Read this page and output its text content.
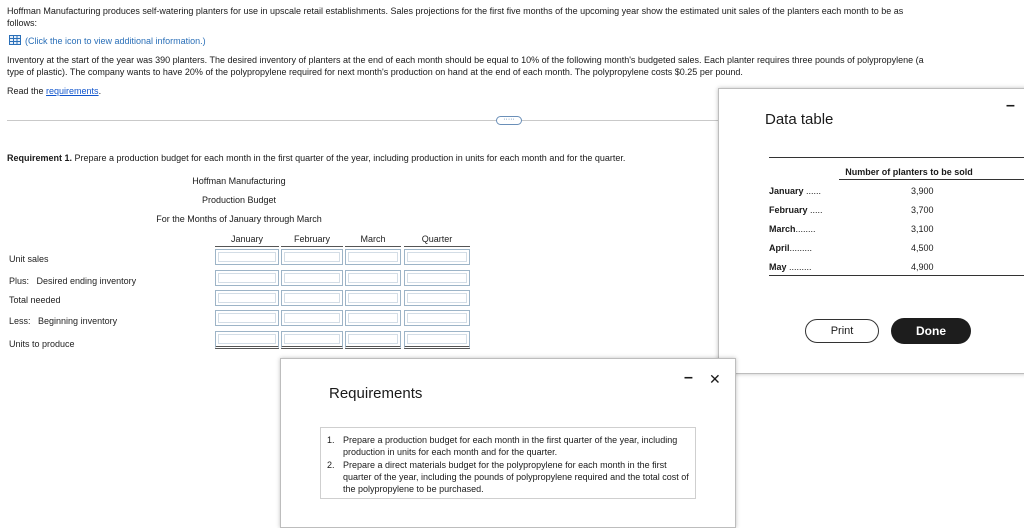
Hoffman Manufacturing produces self-watering planters for use in upscale retail establishments. Sales projections for the first five months of the upcoming year show the estimated unit sales of the planters each month to be as

follows:

(Click the icon to view additional information.)

Inventory at the start of the year was 390 planters. The desired inventory of planters at the end of each month should be equal to 10% of the following month's budgeted sales. Each planter requires three pounds of polypropylene (a

type of plastic). The company wants to have 20% of the polypropylene required for next month's production on hand at the end of each month. The polypropylene costs $0.25 per pound.

Read the requirements.
·····
Requirement 1. Prepare a production budget for each month in the first quarter of the year, including production in units for each month and for the quarter.
Hoffman Manufacturing
Production Budget
For the Months of January through March
January	February	March	Quarter
Unit sales
Plus: Desired ending inventory
Total needed
Less: Beginning inventory
Units to produce
Data table
–
Number of planters to be sold
January ......	3,900
February .....	3,700
March........	3,100
April.........	4,500
May .........	4,900
Print	Done
Requirements
– ✕
1. Prepare a production budget for each month in the first quarter of the year, including production in units for each month and for the quarter.
2. Prepare a direct materials budget for the polypropylene for each month in the first quarter of the year, including the pounds of polypropylene required and the total cost of the polypropylene to be purchased.
